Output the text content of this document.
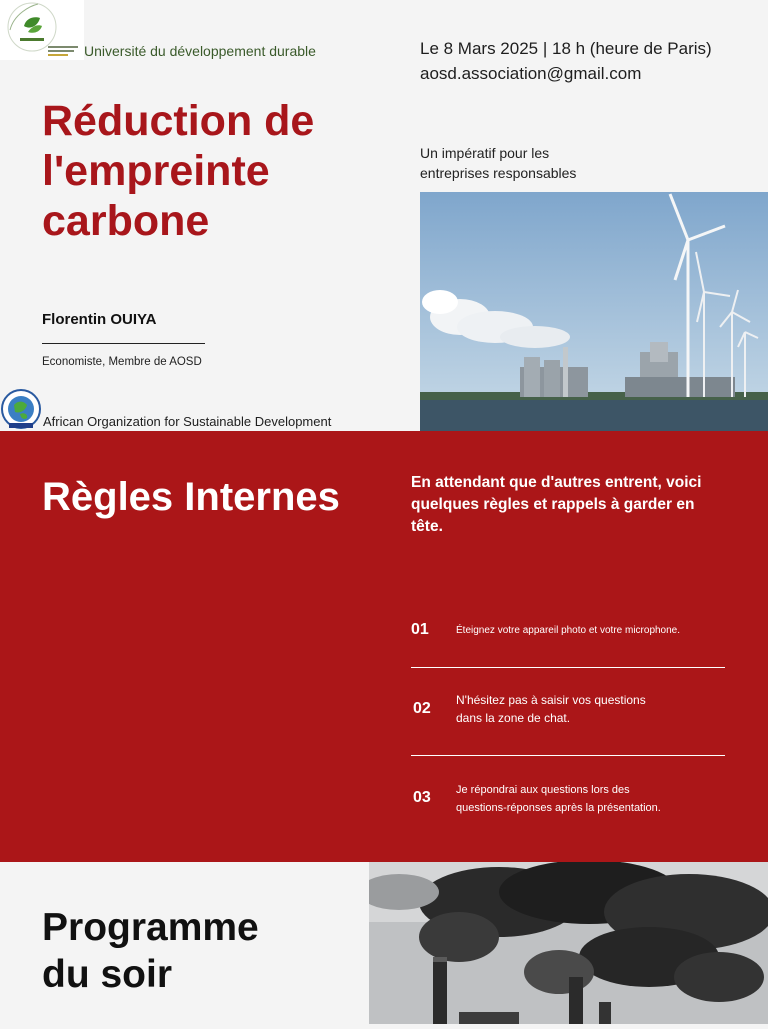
Université du développement durable	Le 8 Mars 2025 | 18 h (heure de Paris)
aosd.association@gmail.com
Réduction de
l'empreinte
carbone
Un impératif pour les
entreprises responsables
Florentin OUIYA
Economiste, Membre de AOSD
African Organization for Sustainable Development
Règles Internes	En attendant que d'autres entrent, voici quelques règles et rappels à garder en tête.
01	Éteignez votre appareil photo et votre microphone.
02 N'hésitez pas à saisir vos questions
dans la zone de chat.
03 Je répondrai aux questions lors des
questions-réponses après la présentation.
Programme
du soir
